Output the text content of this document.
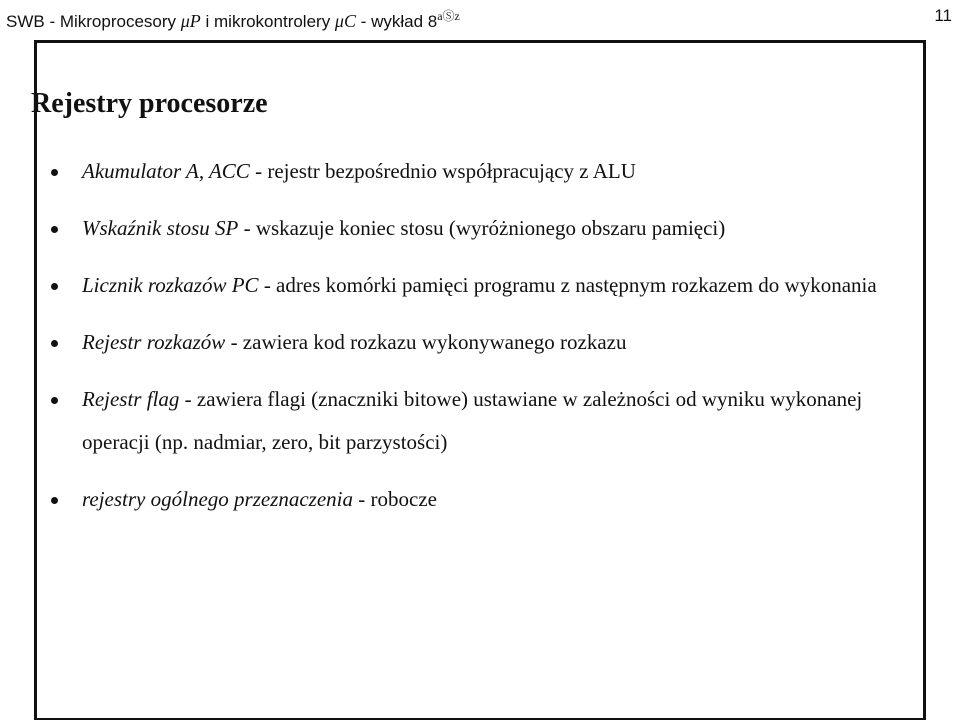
SWB - Mikroprocesory μP i mikrokontrolery μC - wykład $8^{aⓈz}$	11
Rejestry procesorze
Akumulator A, ACC - rejestr bezpośrednio współpracujący z ALU
Wskaźnik stosu SP - wskazuje koniec stosu (wyróżnionego obszaru pamięci)
Licznik rozkazów PC - adres komórki pamięci programu z następnym rozkazem do wykonania
Rejestr rozkazów - zawiera kod rozkazu wykonywanego rozkazu
Rejestr flag - zawiera flagi (znaczniki bitowe) ustawiane w zależności od wyniku wykonanej operacji (np. nadmiar, zero, bit parzystości)
rejestry ogólnego przeznaczenia - robocze
